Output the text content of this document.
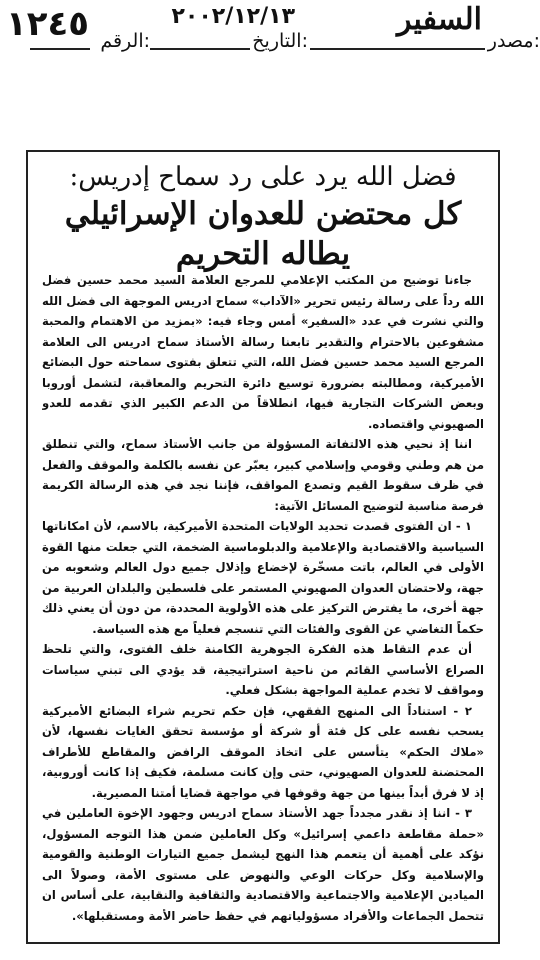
١٢٤٥	٢٠٠٢/١٢/١٣	السفير
مصدر:
التاريخ:
الرقم:

فضل الله يرد على رد سماح إدريس:

كل محتضن للعدوان الإسرائيلي

يطاله التحريم

جاءنا توضيح من المكتب الإعلامي للمرجع العلامة السيد محمد حسين فضل الله رداً على رسالة رئيس تحرير «الآداب» سماح ادريس الموجهة الى فضل الله والتي نشرت في عدد «السفير» أمس وجاء فيه: «بمزيد من الاهتمام والمحبة مشفوعين بالاحترام والتقدير تابعنا رسالة الأستاذ سماح ادريس الى العلامة المرجع السيد محمد حسين فضل الله، التي تتعلق بفتوى سماحته حول البضائع الأميركية، ومطالبته بضرورة توسيع دائرة التحريم والمعاقبة، لتشمل أوروبا وبعض الشركات التجارية فيها، انطلاقاً من الدعم الكبير الذي تقدمه للعدو الصهيوني واقتصاده.

اننا إذ نحيي هذه الالتفاتة المسؤولة من جانب الأستاذ سماح، والتي تنطلق من هم وطني وقومي وإسلامي كبير، يعبّر عن نفسه بالكلمة والموقف والفعل في ظرف سقوط القيم وتصدع المواقف، فإننا نجد في هذه الرسالة الكريمة فرصة مناسبة لتوضيح المسائل الآتية:

١ - ان الفتوى قصدت تحديد الولايات المتحدة الأميركية، بالاسم، لأن امكاناتها السياسية والاقتصادية والإعلامية والدبلوماسية الضخمة، التي جعلت منها القوة الأولى في العالم، باتت مسخّرة لإخضاع وإذلال جميع دول العالم وشعوبه من جهة، ولاحتضان العدوان الصهيوني المستمر على فلسطين والبلدان العربية من جهة أخرى، ما يفترض التركيز على هذه الأولوية المحددة، من دون أن يعني ذلك حكماً التغاضي عن القوى والفئات التي تنسجم فعلياً مع هذه السياسة.

أن عدم التقاط هذه الفكرة الجوهرية الكامنة خلف الفتوى، والتي تلحظ الصراع الأساسي القائم من ناحية استراتيجية، قد يؤدي الى تبني سياسات ومواقف لا تخدم عملية المواجهة بشكل فعلي.

٢ - استناداً الى المنهج الفقهي، فإن حكم تحريم شراء البضائع الأميركية يسحب نفسه على كل فئة أو شركة أو مؤسسة تحقق الغايات نفسها، لأن «ملاك الحكم» يتأسس على اتخاذ الموقف الرافض والمقاطع للأطراف المحتضنة للعدوان الصهيوني، حتى وإن كانت مسلمة، فكيف إذا كانت أوروبية، إذ لا فرق أبداً بينها من جهة وقوفها في مواجهة قضايا أمتنا المصيرية.

٣ - اننا إذ نقدر مجدداً جهد الأستاذ سماح ادريس وجهود الإخوة العاملين في «حملة مقاطعة داعمي إسرائيل» وكل العاملين ضمن هذا التوجه المسؤول، نؤكد على أهمية أن يتعمم هذا النهج ليشمل جميع التيارات الوطنية والقومية والإسلامية وكل حركات الوعي والنهوض على مستوى الأمة، وصولاً الى الميادين الإعلامية والاجتماعية والاقتصادية والثقافية والنقابية، على أساس ان تتحمل الجماعات والأفراد مسؤولياتهم في حفظ حاضر الأمة ومستقبلها».
